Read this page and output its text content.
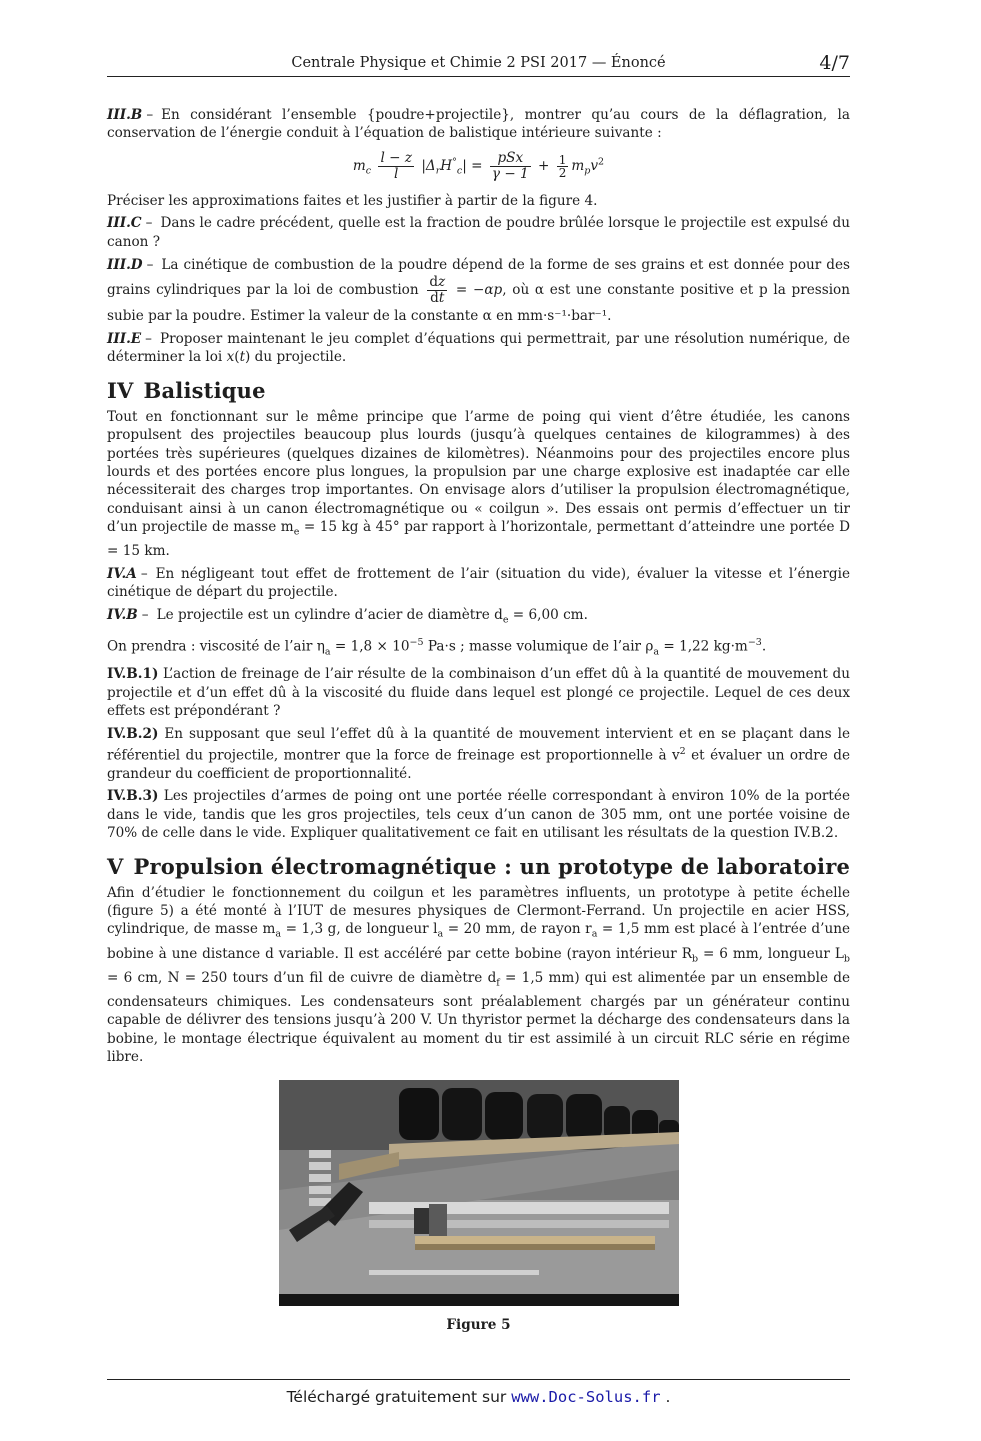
Centrale Physique et Chimie 2 PSI 2017 — Énoncé	4/7

III.B – En considérant l’ensemble {poudre+projectile}, montrer qu’au cours de la déflagration, la conservation de l’énergie conduit à l’équation de balistique intérieure suivante :

$m_c \frac{l - z}{l} |\Delta_rH^\circ_c| = \frac{\text{pSx}}{\gamma - 1} + \frac{1}{2} m_pv^2$

Préciser les approximations faites et les justifier à partir de la figure 4.

III.C – Dans le cadre précédent, quelle est la fraction de poudre brûlée lorsque le projectile est expulsé du canon ?

III.D – La cinétique de combustion de la poudre dépend de la forme de ses grains et est donnée pour des grains cylindriques par la loi de combustion $\frac{dz}{dt} = -\alpha p$, où α est une constante positive et p la pression subie par la poudre. Estimer la valeur de la constante α en mm·s⁻¹·bar⁻¹.

III.E – Proposer maintenant le jeu complet d’équations qui permettrait, par une résolution numérique, de déterminer la loi x(t) du projectile.

IV Balistique

Tout en fonctionnant sur le même principe que l’arme de poing qui vient d’être étudiée, les canons propulsent des projectiles beaucoup plus lourds (jusqu’à quelques centaines de kilogrammes) à des portées très supérieures (quelques dizaines de kilomètres). Néanmoins pour des projectiles encore plus lourds et des portées encore plus longues, la propulsion par une charge explosive est inadaptée car elle nécessiterait des charges trop importantes. On envisage alors d’utiliser la propulsion électromagnétique, conduisant ainsi à un canon électromagnétique ou « coilgun ». Des essais ont permis d’effectuer un tir d’un projectile de masse $m_e = 15$ kg à 45° par rapport à l’horizontale, permettant d’atteindre une portée D = 15 km.

IV.A – En négligeant tout effet de frottement de l’air (situation du vide), évaluer la vitesse et l’énergie cinétique de départ du projectile.

IV.B – Le projectile est un cylindre d’acier de diamètre $d_e = 6,00$ cm.

On prendra : viscosité de l’air $\eta_a = 1,8 \times 10^{-5}$ Pa·s ; masse volumique de l’air $\rho_a = 1,22$ $kg\cdot m^{-3}$.

IV.B.1) L’action de freinage de l’air résulte de la combinaison d’un effet dû à la quantité de mouvement du projectile et d’un effet dû à la viscosité du fluide dans lequel est plongé ce projectile. Lequel de ces deux effets est prépondérant ?

IV.B.2) En supposant que seul l’effet dû à la quantité de mouvement intervient et en se plaçant dans le référentiel du projectile, montrer que la force de freinage est proportionnelle à $v^2$ et évaluer un ordre de grandeur du coefficient de proportionnalité.

IV.B.3) Les projectiles d’armes de poing ont une portée réelle correspondant à environ 10% de la portée dans le vide, tandis que les gros projectiles, tels ceux d’un canon de 305 mm, ont une portée voisine de 70% de celle dans le vide. Expliquer qualitativement ce fait en utilisant les résultats de la question IV.B.2.

V Propulsion électromagnétique : un prototype de laboratoire

Afin d’étudier le fonctionnement du coilgun et les paramètres influents, un prototype à petite échelle (figure 5) a été monté à l’IUT de mesures physiques de Clermont-Ferrand. Un projectile en acier HSS, cylindrique, de masse $m_a = 1,3$ g, de longueur $l_a = 20$ mm, de rayon $r_a = 1,5$ mm est placé à l’entrée d’une bobine à une distance d variable. Il est accéléré par cette bobine (rayon intérieur $R_b = 6$ mm, longueur $L_b = 6$ cm, N = 250 tours d’un fil de cuivre de diamètre $d_f = 1,5$ mm) qui est alimentée par un ensemble de condensateurs chimiques. Les condensateurs sont préalablement chargés par un générateur continu capable de délivrer des tensions jusqu’à 200 V. Un thyristor permet la décharge des condensateurs dans la bobine, le montage électrique équivalent au moment du tir est assimilé à un circuit RLC série en régime libre.

Figure 5
Téléchargé gratuitement sur www.Doc-Solus.fr .
